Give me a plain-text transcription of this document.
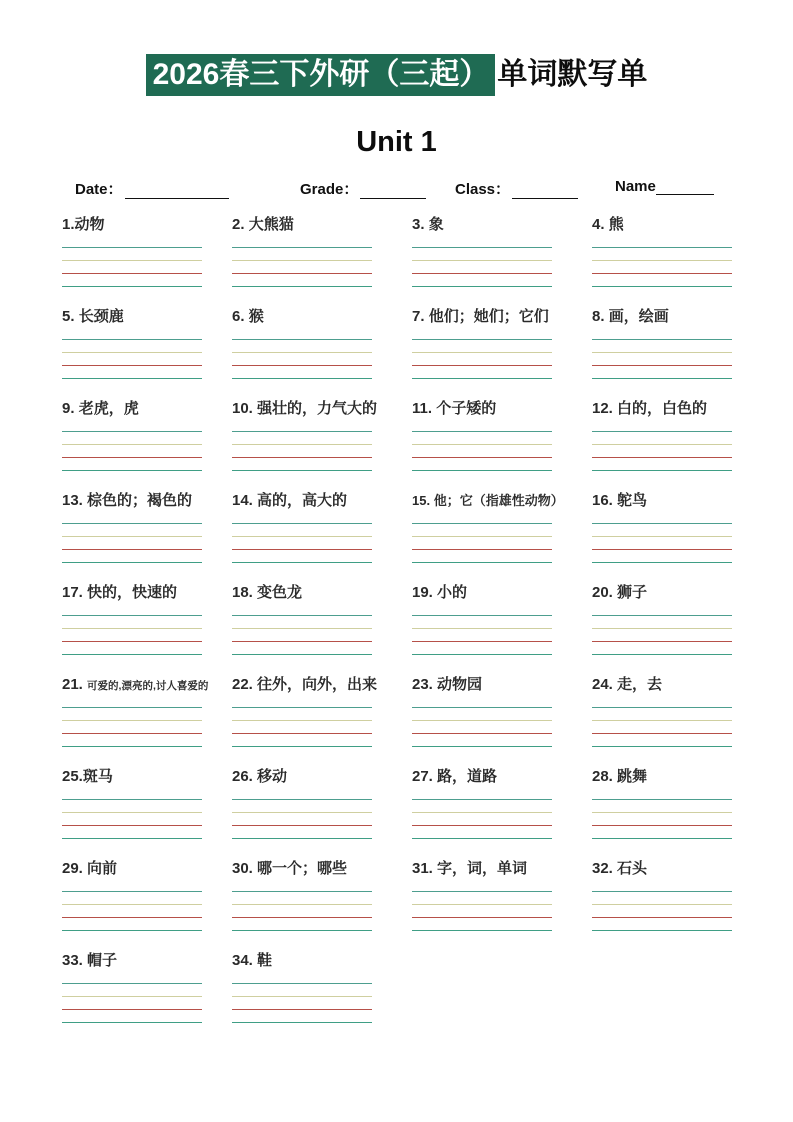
2026春三下外研（三起） 单词默写单
Unit 1
Date：	Grade：	Class：	Name
1.动物	2. 大熊猫	3. 象	4. 熊
5. 长颈鹿	6. 猴	7. 他们；她们；它们	8. 画，绘画
9. 老虎，虎	10. 强壮的，力气大的	11. 个子矮的	12. 白的，白色的
13. 棕色的；褐色的	14. 高的，高大的	15. 他；它（指雄性动物）	16. 鸵鸟
17. 快的，快速的	18. 变色龙	19. 小的	20. 狮子
21. 可爱的,漂亮的,讨人喜爱的	22. 往外，向外，出来	23. 动物园	24. 走，去
25.斑马	26. 移动	27. 路，道路	28. 跳舞
29. 向前	30. 哪一个；哪些	31. 字，词，单词	32. 石头
33. 帽子	34. 鞋
